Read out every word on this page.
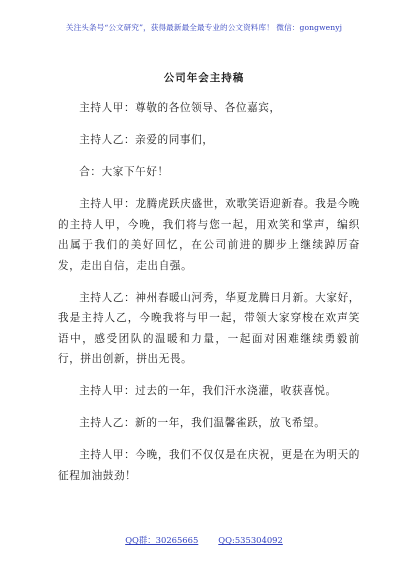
关注头条号“公文研究”，获得最新最全最专业的公文资料库！ 微信：gongwenyj
公司年会主持稿

主持人甲：尊敬的各位领导、各位嘉宾，

主持人乙：亲爱的同事们，

合：大家下午好！

主持人甲：龙腾虎跃庆盛世，欢歌笑语迎新春。我是今晚的主持人甲，今晚，我们将与您一起，用欢笑和掌声，编织出属于我们的美好回忆，在公司前进的脚步上继续踔厉奋发，走出自信，走出自强。

主持人乙：神州春暖山河秀，华夏龙腾日月新。大家好，我是主持人乙，今晚我将与甲一起，带领大家穿梭在欢声笑语中，感受团队的温暖和力量，一起面对困难继续勇毅前行，拼出创新，拼出无畏。

主持人甲：过去的一年，我们汗水浇灌，收获喜悦。

主持人乙：新的一年，我们温馨雀跃，放飞希望。

主持人甲：今晚，我们不仅仅是在庆祝，更是在为明天的征程加油鼓劲！

QQ群：30265665 QQ:535304092
